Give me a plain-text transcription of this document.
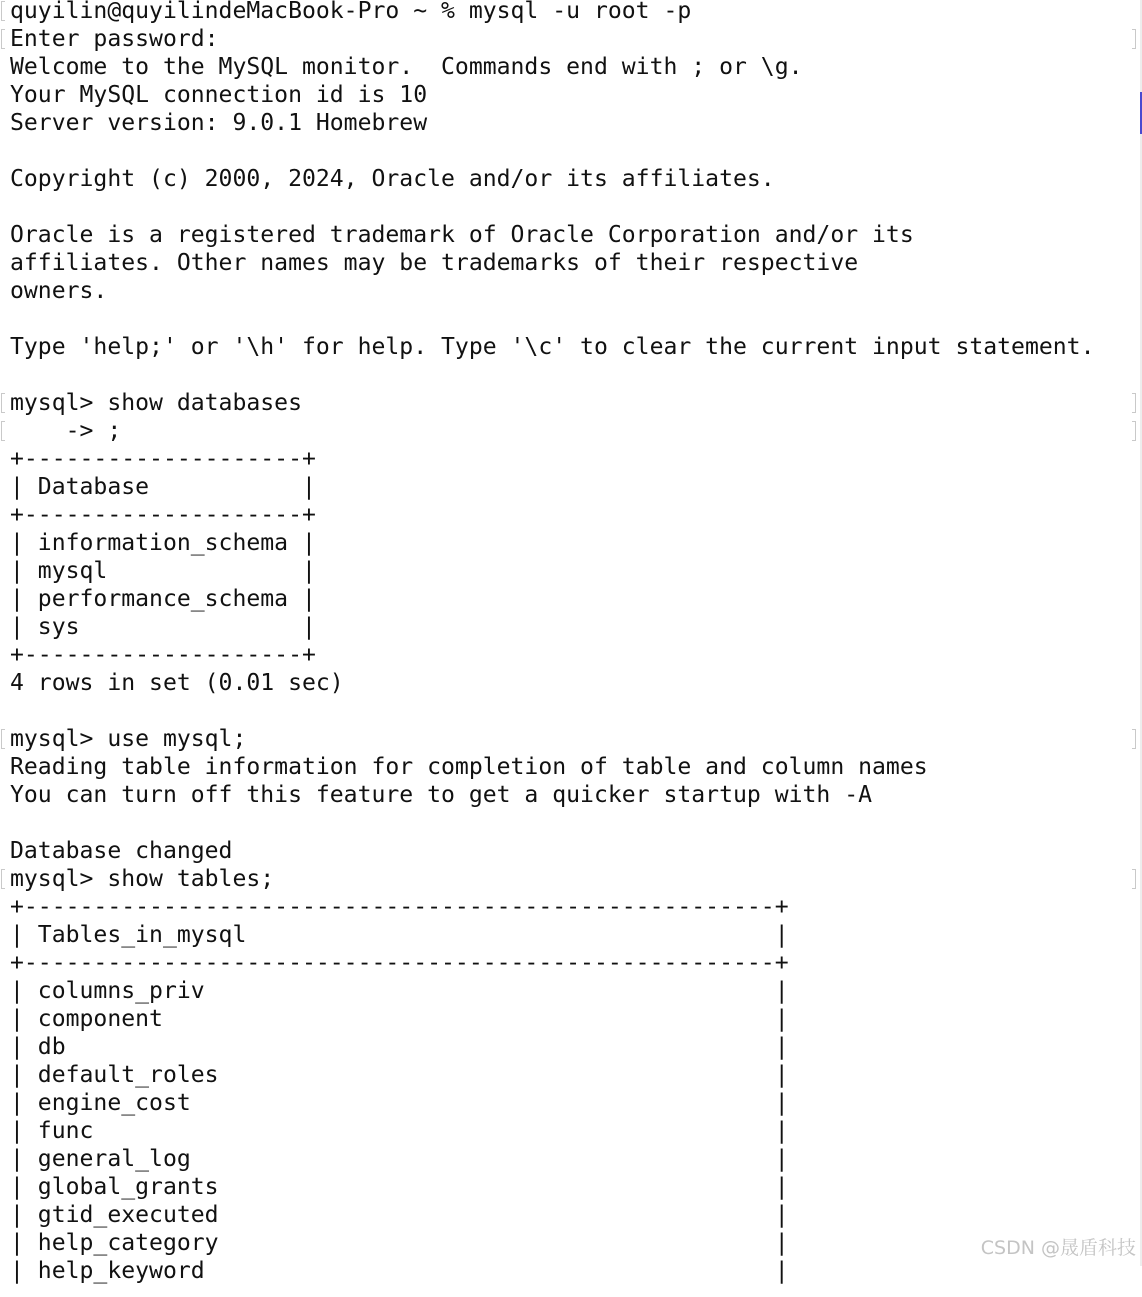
quyilin@quyilindeMacBook-Pro ~ % mysql -u root -p
Enter password:
Welcome to the MySQL monitor.  Commands end with ; or \g.
Your MySQL connection id is 10
Server version: 9.0.1 Homebrew
Copyright (c) 2000, 2024, Oracle and/or its affiliates.
Oracle is a registered trademark of Oracle Corporation and/or its
affiliates. Other names may be trademarks of their respective
owners.
Type 'help;' or '\h' for help. Type '\c' to clear the current input statement.
mysql> show databases
-> ;
+--------------------+
| Database           |
+--------------------+
| information_schema |
| mysql              |
| performance_schema |
| sys                |
+--------------------+
4 rows in set (0.01 sec)
mysql> use mysql;
Reading table information for completion of table and column names
You can turn off this feature to get a quicker startup with -A
Database changed
mysql> show tables;
+------------------------------------------------------+
| Tables_in_mysql                                      |
+------------------------------------------------------+
| columns_priv                                         |
| component                                            |
| db                                                   |
| default_roles                                        |
| engine_cost                                          |
| func                                                 |
| general_log                                          |
| global_grants                                        |
| gtid_executed                                        |
| help_category                                        |
| help_keyword                                         |
CSDN @晟盾科技
